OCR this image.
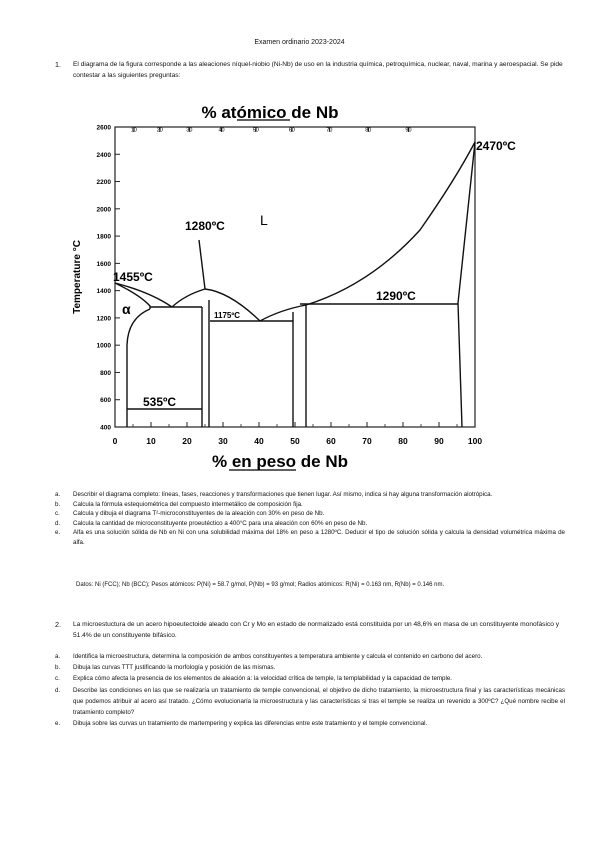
Examen ordinario 2023-2024
1. El diagrama de la figura corresponde a las aleaciones níquel-niobio (Ni-Nb) de uso en la industria química, petroquímica, nuclear, naval, marina y aeroespacial. Se pide contestar a las siguientes preguntas:
% atómico de Nb
400
600
800
1000
1200
1400
1600
1800
2000
2200
2400
2600
0	10	20	30	40	50	60	70	80	90	100
10	20	30	40	50	60	70	80	90
Temperature °C	1455ºC
1280ºC	L
α	1175ºC
1290ºC
2470ºC
535ºC
% en peso de Nb
a.	Describir el diagrama completo: líneas, fases, reacciones y transformaciones que tienen lugar. Así mismo, indica si hay alguna transformación alotrópica.
b.	Calcula la fórmula estequiométrica del compuesto intermetálico de composición fija.
c.	Calcula y dibuja el diagrama T²-microconstituyentes de la aleación con 30% en peso de Nb.
d.	Calcula la cantidad de microconstituyente proeutéctico a 400°C para una aleación con 60% en peso de Nb.
e.	Alfa es una solución sólida de Nb en Ni con una solubilidad máxima del 18% en peso a 1280ºC. Deducir el tipo de solución sólida y calcula la densidad volumétrica máxima de alfa.
Datos: Ni (FCC); Nb (BCC); Pesos atómicos: P(Ni) = 58.7 g/mol, P(Nb) = 93 g/mol; Radios atómicos: R(Ni) = 0.163 nm, R(Nb) = 0.146 nm.
2. La microestuctura de un acero hipoeutectoide aleado con Cr y Mo en estado de normalizado está constituida por un 48,6% en masa de un constituyente monofásico y 51.4% de un constituyente bifásico.
a.	Identifica la microestructura, determina la composición de ambos constituyentes a temperatura ambiente y calcula el contenido en carbono del acero.
b.	Dibuja las curvas TTT justificando la morfología y posición de las mismas.
c.	Explica cómo afecta la presencia de los elementos de aleación a: la velocidad crítica de temple, la templabilidad y la capacidad de temple.
d.	Describe las condiciones en las que se realizaría un tratamiento de temple convencional, el objetivo de dicho tratamiento, la microestructura final y las características mecánicas que podemos atribuir al acero así tratado. ¿Cómo evolucionaría la microestructura y las características si tras el temple se realiza un revenido a 300ºC? ¿Qué nombre recibe el tratamiento completo?
e.	Dibuja sobre las curvas un tratamiento de martempering y explica las diferencias entre este tratamiento y el temple convencional.
